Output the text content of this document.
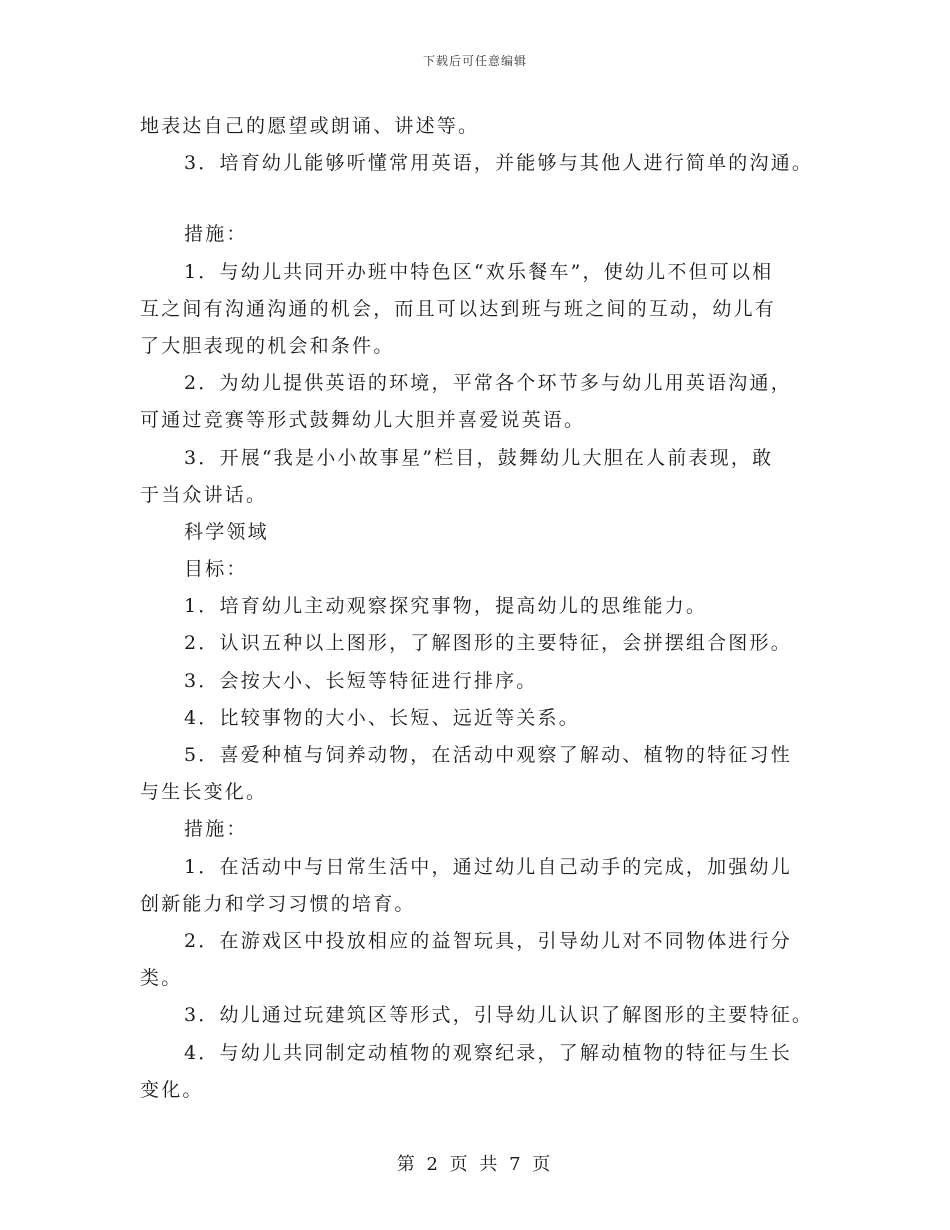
下载后可任意编辑
地表达自己的愿望或朗诵、讲述等。
3．培育幼儿能够听懂常用英语，并能够与其他人进行简单的沟通。
措施：
1．与幼儿共同开办班中特色区“欢乐餐车”，使幼儿不但可以相
互之间有沟通沟通的机会，而且可以达到班与班之间的互动，幼儿有
了大胆表现的机会和条件。
2．为幼儿提供英语的环境，平常各个环节多与幼儿用英语沟通，
可通过竞赛等形式鼓舞幼儿大胆并喜爱说英语。
3．开展“我是小小故事星”栏目，鼓舞幼儿大胆在人前表现，敢
于当众讲话。
科学领域
目标：
1．培育幼儿主动观察探究事物，提高幼儿的思维能力。
2．认识五种以上图形，了解图形的主要特征，会拼摆组合图形。
3．会按大小、长短等特征进行排序。
4．比较事物的大小、长短、远近等关系。
5．喜爱种植与饲养动物，在活动中观察了解动、植物的特征习性
与生长变化。
措施：
1．在活动中与日常生活中，通过幼儿自己动手的完成，加强幼儿
创新能力和学习习惯的培育。
2．在游戏区中投放相应的益智玩具，引导幼儿对不同物体进行分
类。
3．幼儿通过玩建筑区等形式，引导幼儿认识了解图形的主要特征。
4．与幼儿共同制定动植物的观察纪录，了解动植物的特征与生长
变化。
第 2 页 共 7 页
